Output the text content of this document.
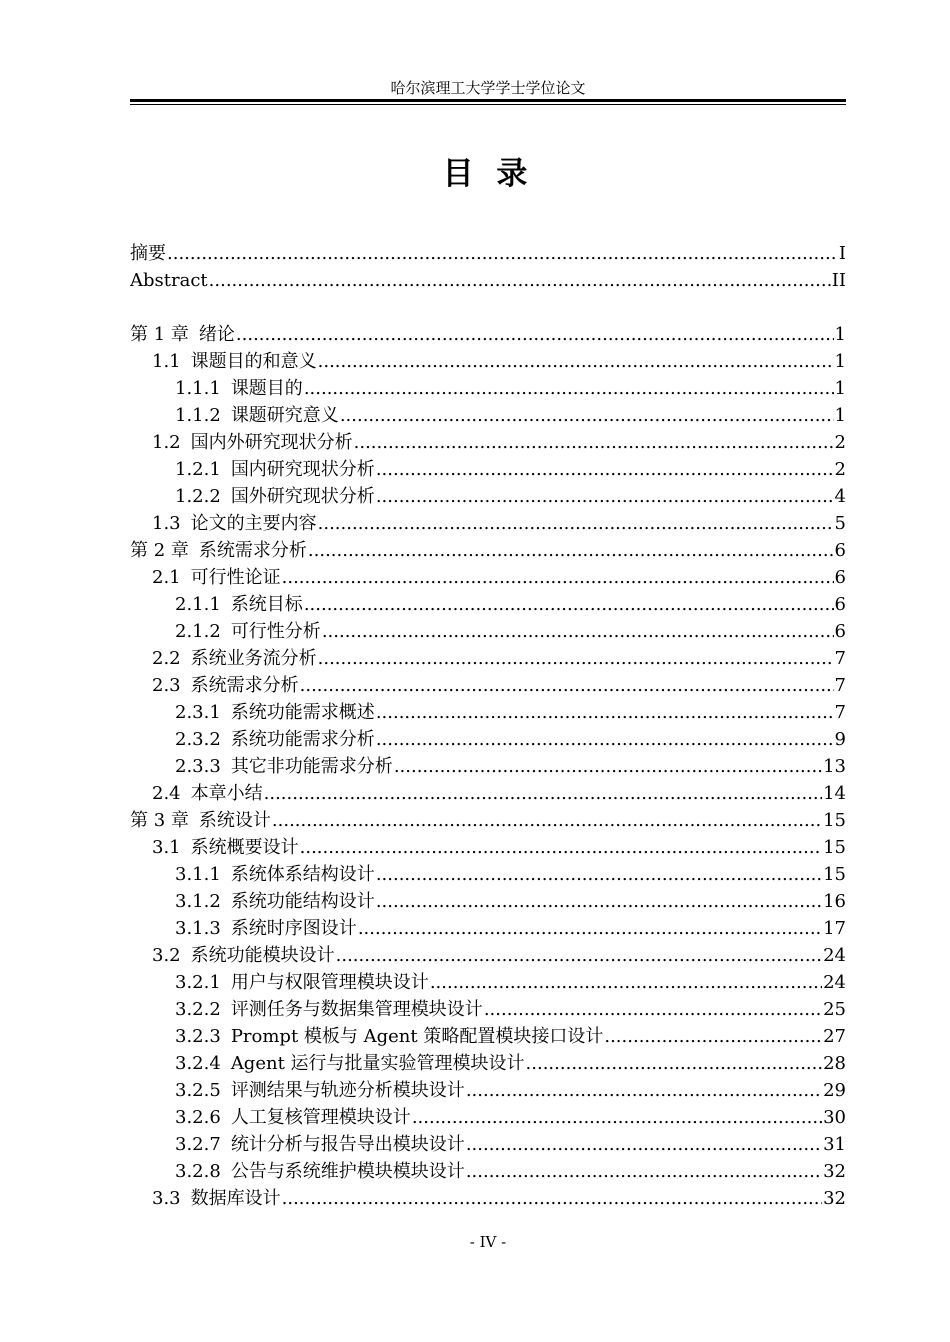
哈尔滨理工大学学士学位论文
目 录
摘要 .....	I
Abstract .....	II
第 1 章 绪论 .....	1
1.1 课题目的和意义 .....	1
1.1.1 课题目的 .....	1
1.1.2 课题研究意义 .....	1
1.2 国内外研究现状分析 .....	2
1.2.1 国内研究现状分析 .....	2
1.2.2 国外研究现状分析 .....	4
1.3 论文的主要内容 .....	5
第 2 章 系统需求分析 .....	6
2.1 可行性论证 .....	6
2.1.1 系统目标 .....	6
2.1.2 可行性分析 .....	6
2.2 系统业务流分析 .....	7
2.3 系统需求分析 .....	7
2.3.1 系统功能需求概述 .....	7
2.3.2 系统功能需求分析 .....	9
2.3.3 其它非功能需求分析 .....	13
2.4 本章小结 .....	14
第 3 章 系统设计 .....	15
3.1 系统概要设计 .....	15
3.1.1 系统体系结构设计 .....	15
3.1.2 系统功能结构设计 .....	16
3.1.3 系统时序图设计 .....	17
3.2 系统功能模块设计 .....	24
3.2.1 用户与权限管理模块设计 .....	24
3.2.2 评测任务与数据集管理模块设计 .....	25
3.2.3 Prompt 模板与 Agent 策略配置模块接口设计 .....	27
3.2.4 Agent 运行与批量实验管理模块设计 .....	28
3.2.5 评测结果与轨迹分析模块设计 .....	29
3.2.6 人工复核管理模块设计 .....	30
3.2.7 统计分析与报告导出模块设计 .....	31
3.2.8 公告与系统维护模块模块设计 .....	32
3.3 数据库设计 .....	32
- IV -
